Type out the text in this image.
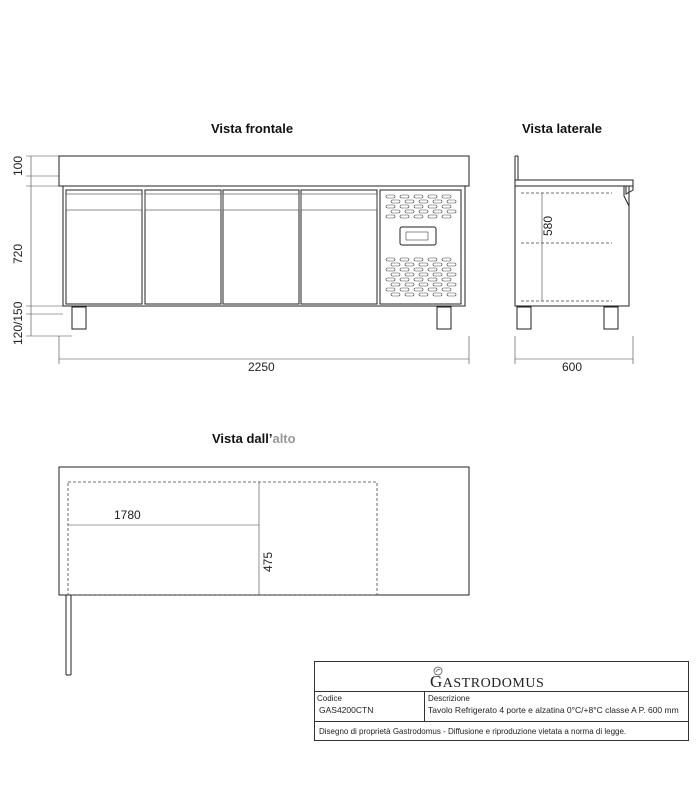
Vista frontale
100
720
120/150
2250
Vista laterale
580
600
Vista dall’alto
1780
475
GASTRODOMUS
Codice
GAS4200CTN
Descrizione
Tavolo Refrigerato 4 porte e alzatina 0°C/+8°C classe A P. 600 mm
Disegno di proprietà Gastrodomus - Diffusione e riproduzione vietata a norma di legge.
